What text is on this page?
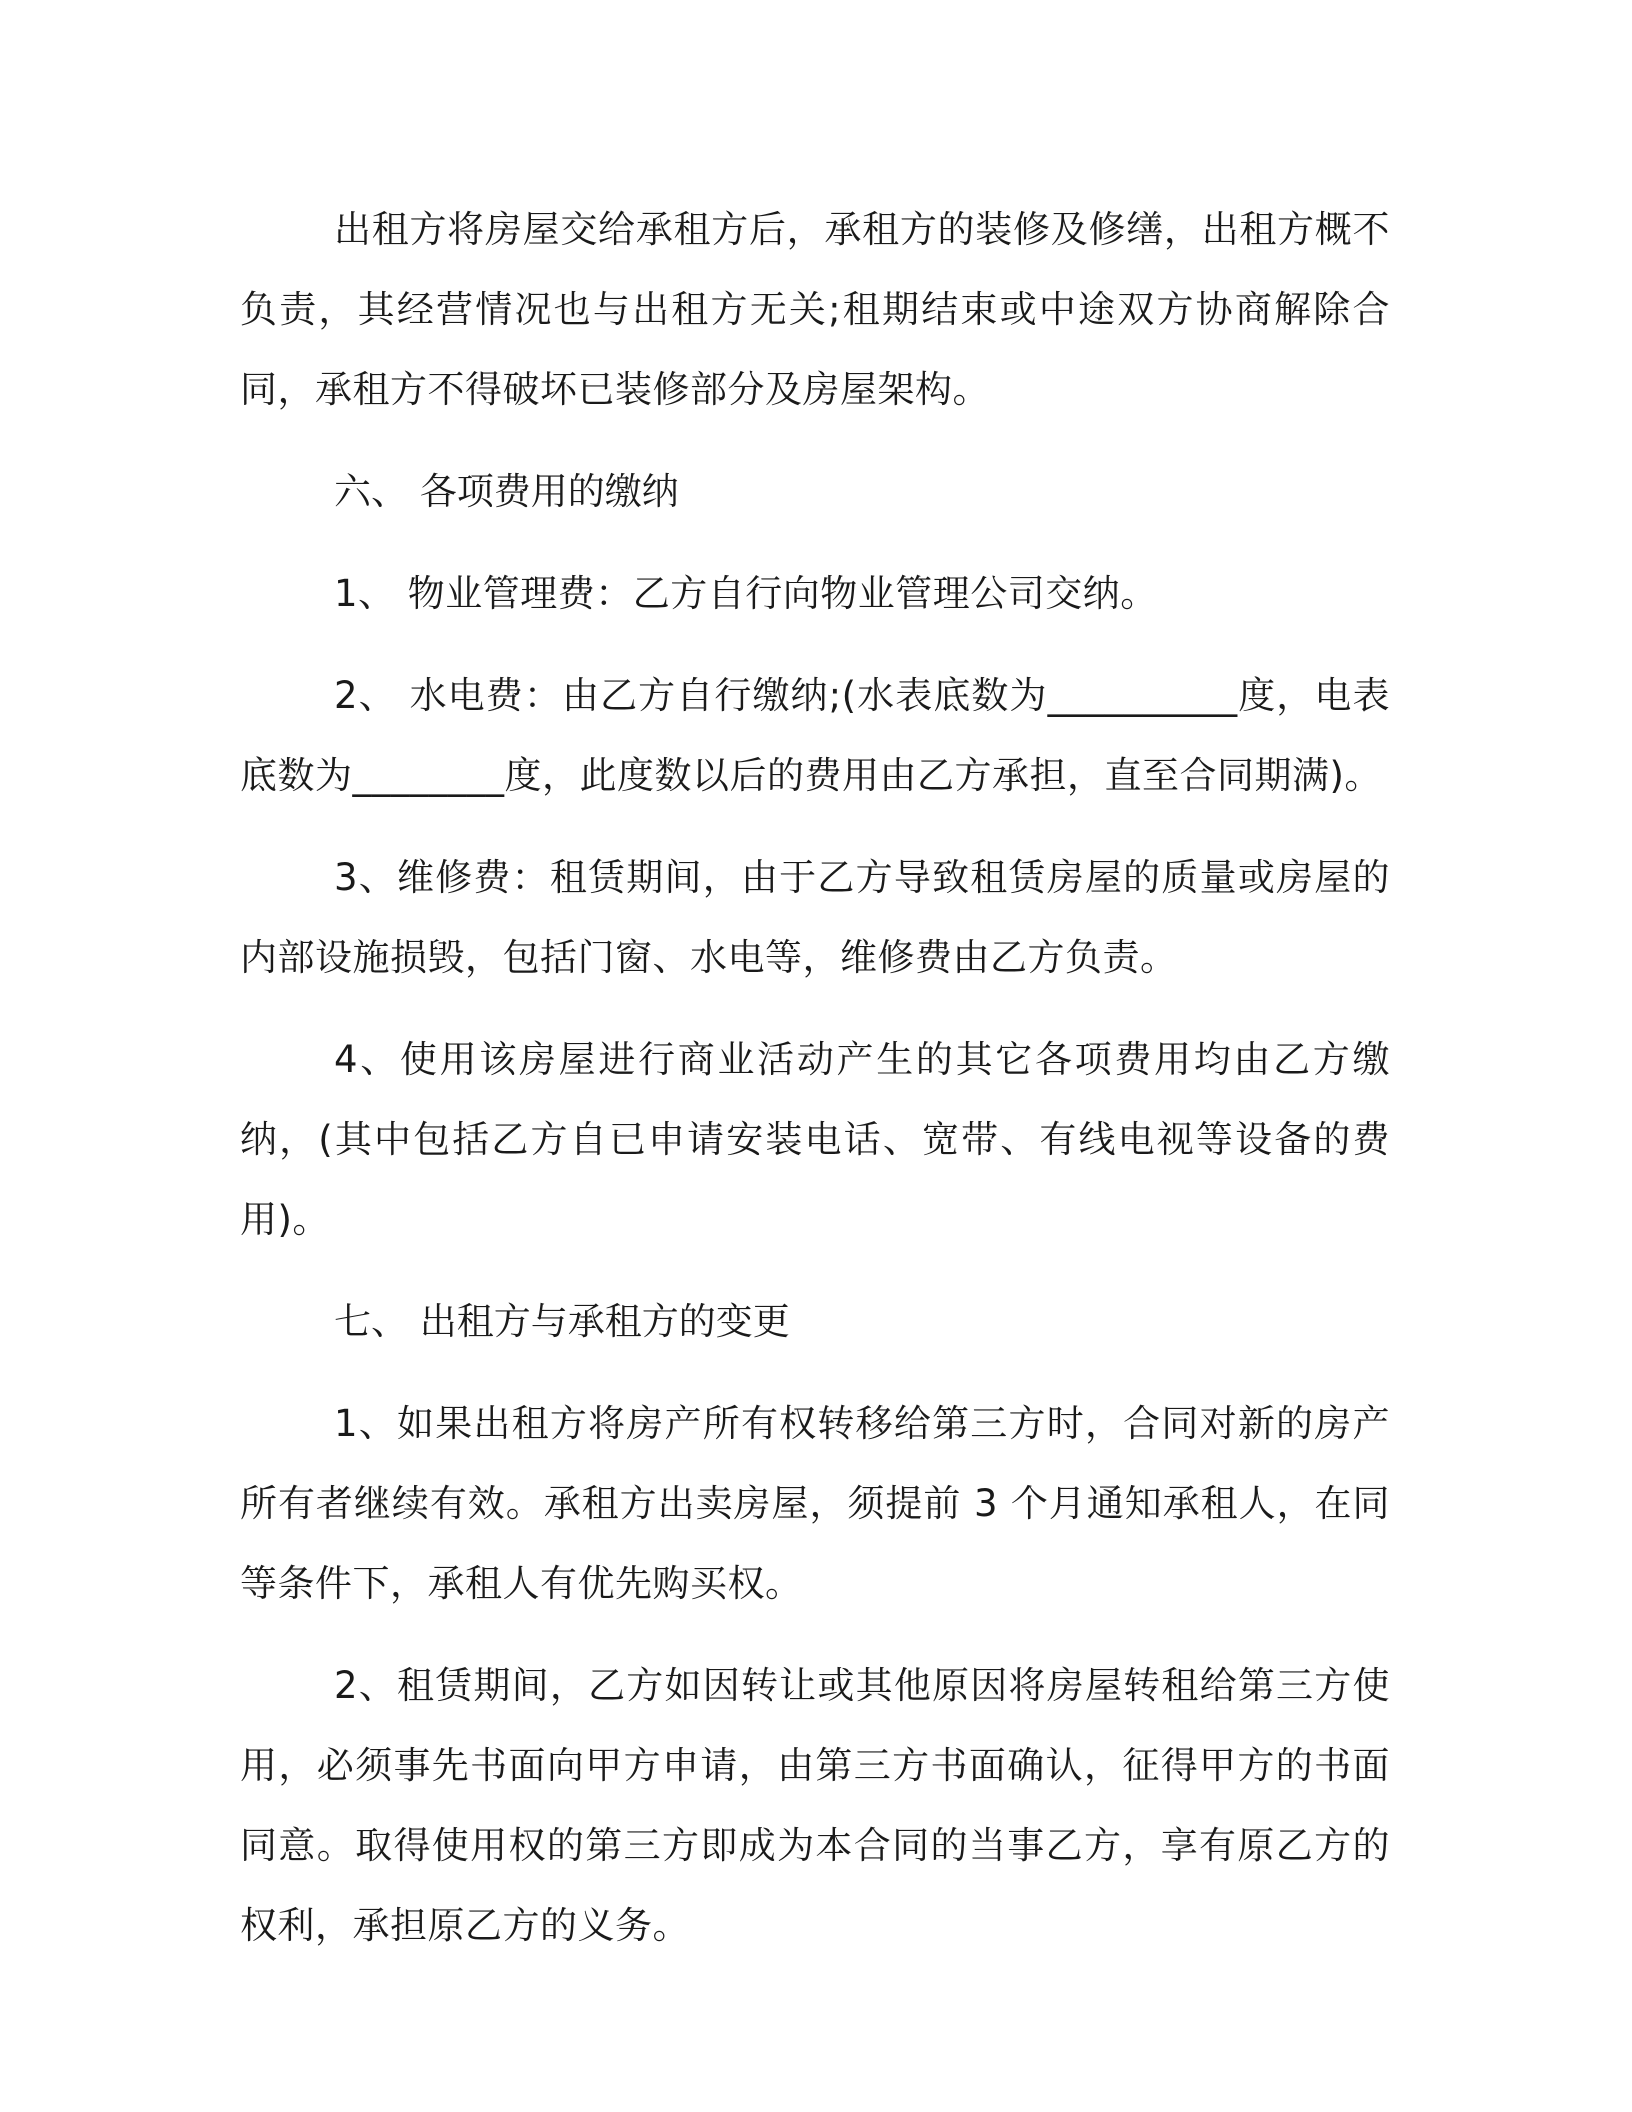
出租方将房屋交给承租方后，承租方的装修及修缮，出租方概不负责，其经营情况也与出租方无关;租期结束或中途双方协商解除合同，承租方不得破坏已装修部分及房屋架构。

六、 各项费用的缴纳

1、 物业管理费：乙方自行向物业管理公司交纳。

2、 水电费：由乙方自行缴纳;(水表底数为__________度，电表底数为________度，此度数以后的费用由乙方承担，直至合同期满)。

3、维修费：租赁期间，由于乙方导致租赁房屋的质量或房屋的内部设施损毁，包括门窗、水电等，维修费由乙方负责。

4、使用该房屋进行商业活动产生的其它各项费用均由乙方缴纳，(其中包括乙方自已申请安装电话、宽带、有线电视等设备的费用)。

七、 出租方与承租方的变更

1、如果出租方将房产所有权转移给第三方时，合同对新的房产所有者继续有效。承租方出卖房屋，须提前 3 个月通知承租人，在同等条件下，承租人有优先购买权。

2、租赁期间，乙方如因转让或其他原因将房屋转租给第三方使用，必须事先书面向甲方申请，由第三方书面确认，征得甲方的书面同意。取得使用权的第三方即成为本合同的当事乙方，享有原乙方的权利，承担原乙方的义务。
